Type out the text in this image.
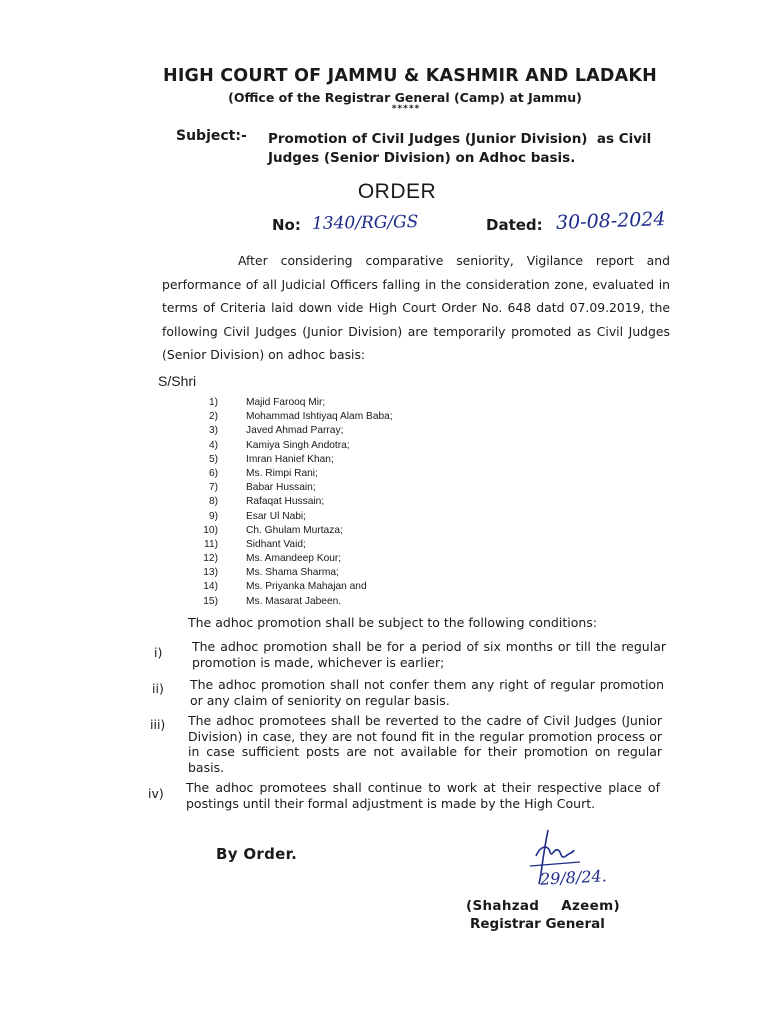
HIGH COURT OF JAMMU & KASHMIR AND LADAKH
(Office of the Registrar General (Camp) at Jammu)
*****
Subject:- Promotion of Civil Judges (Junior Division)  as Civil
Judges (Senior Division) on Adhoc basis.
ORDER
No: 1340/RG/GS	Dated: 30-08-2024
After considering comparative seniority, Vigilance report and performance of all Judicial Officers falling in the consideration zone, evaluated in terms of Criteria laid down vide High Court Order No. 648 datd 07.09.2019, the following Civil Judges (Junior Division) are temporarily promoted as Civil Judges (Senior Division) on adhoc basis:
S/Shri
1)	Majid Farooq Mir;
2)	Mohammad Ishtiyaq Alam Baba;
3)	Javed Ahmad Parray;
4)	Kamiya Singh Andotra;
5)	Imran Hanief Khan;
6)	Ms. Rimpi Rani;
7)	Babar Hussain;
8)	Rafaqat Hussain;
9)	Esar Ul Nabi;
10)	Ch. Ghulam Murtaza;
11)	Sidhant Vaid;
12)	Ms. Amandeep Kour;
13)	Ms. Shama Sharma;
14)	Ms. Priyanka Mahajan and
15)	Ms. Masarat Jabeen.
The adhoc promotion shall be subject to the following conditions:
i) The adhoc promotion shall be for a period of six months or till the regular promotion is made, whichever is earlier;
ii) The adhoc promotion shall not confer them any right of regular promotion or any claim of seniority on regular basis.
iii) The adhoc promotees shall be reverted to the cadre of Civil Judges (Junior Division) in case, they are not found fit in the regular promotion process or in case sufficient posts are not available for their promotion on regular basis.
iv) The adhoc promotees shall continue to work at their respective place of postings until their formal adjustment is made by the High Court.
By Order.
29/8/24.
(Shahzad  Azeem)
Registrar General
